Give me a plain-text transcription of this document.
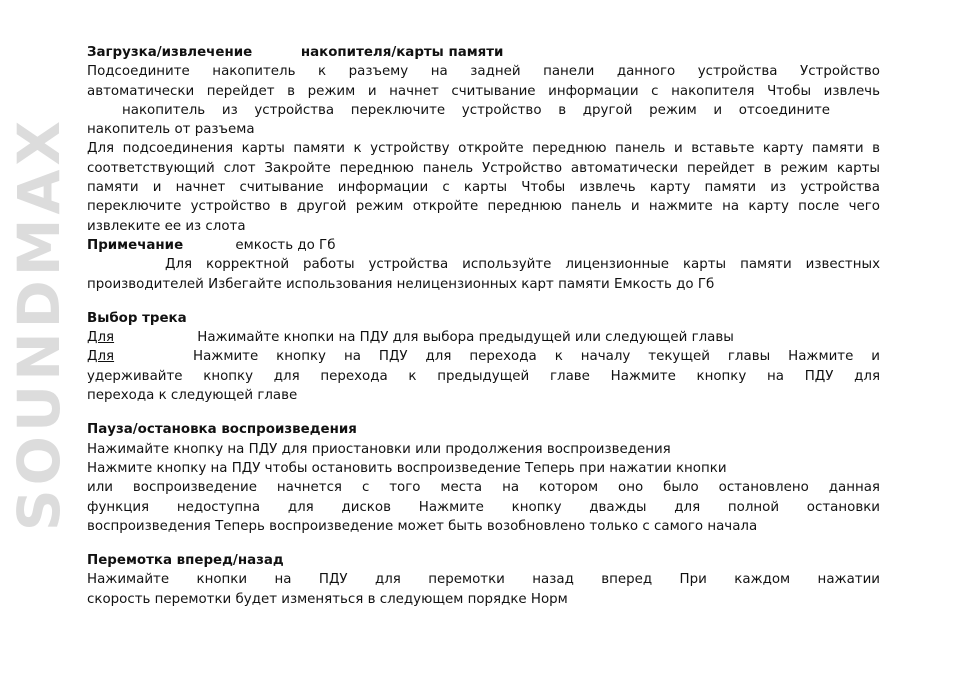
SOUNDMAX

Загрузка/извлечение	накопителя/карты памяти

Подсоедините накопитель к разъему на задней панели данного устройства Устройство

автоматически перейдет в режим и начнет считывание информации с накопителя Чтобы извлечь

накопитель из устройства переключите устройство в другой режим и отсоедините

накопитель от разъема

Для подсоединения карты памяти к устройству откройте переднюю панель и вставьте карту памяти в

соответствующий слот Закройте переднюю панель Устройство автоматически перейдет в режим карты

памяти и начнет считывание информации с карты Чтобы извлечь карту памяти из устройства

переключите устройство в другой режим откройте переднюю панель и нажмите на карту после чего

извлеките ее из слота

Примечание	емкость до Гб

Для корректной работы устройства используйте лицензионные карты памяти известных

производителей Избегайте использования нелицензионных карт памяти Емкость до Гб

Выбор трека

Для	Нажимайте кнопки на ПДУ для выбора предыдущей или следующей главы

Для	Нажмите кнопку на ПДУ для перехода к началу текущей главы Нажмите и

удерживайте кнопку для перехода к предыдущей главе Нажмите кнопку на ПДУ для

перехода к следующей главе

Пауза/остановка воспроизведения

Нажимайте кнопку на ПДУ для приостановки или продолжения воспроизведения

Нажмите кнопку на ПДУ чтобы остановить воспроизведение Теперь при нажатии кнопки

или воспроизведение начнется с того места на котором оно было остановлено данная

функция недоступна для дисков Нажмите кнопку дважды для полной остановки

воспроизведения Теперь воспроизведение может быть возобновлено только с самого начала

Перемотка вперед/назад

Нажимайте кнопки на ПДУ для перемотки назад вперед При каждом нажатии

скорость перемотки будет изменяться в следующем порядке Норм
